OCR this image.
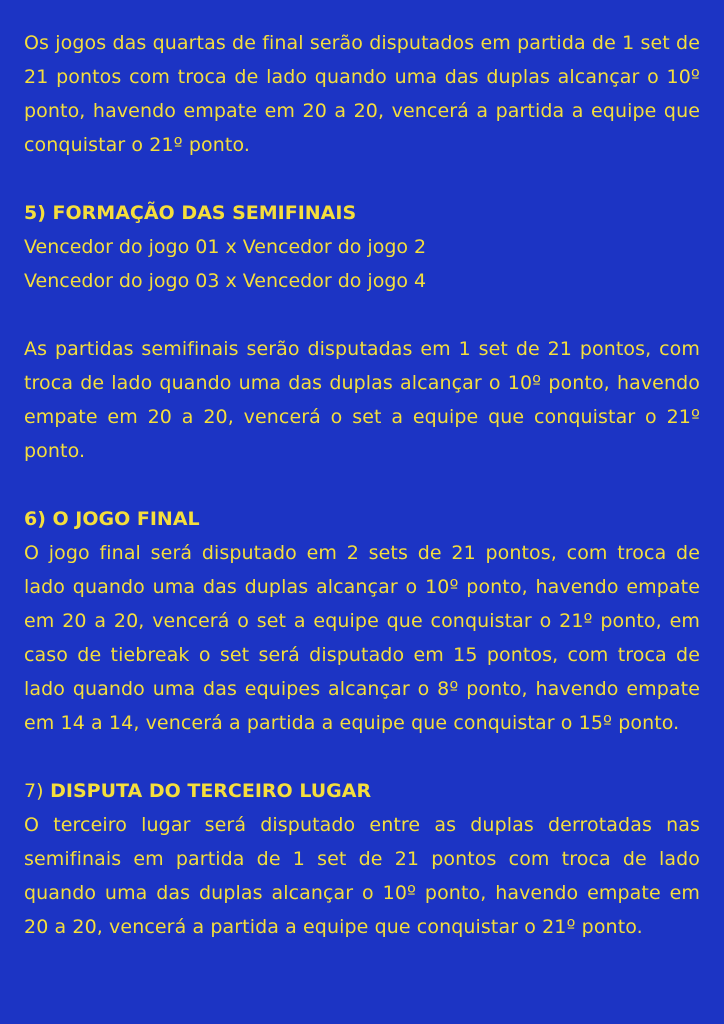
Os jogos das quartas de final serão disputados em partida de 1 set de 21 pontos com troca de lado quando uma das duplas alcançar o 10º ponto, havendo empate em 20 a 20, vencerá a partida a equipe que conquistar o 21º ponto.

5) FORMAÇÃO DAS SEMIFINAIS

Vencedor do jogo 01 x Vencedor do jogo 2

Vencedor do jogo 03 x Vencedor do jogo 4

As partidas semifinais serão disputadas em 1 set de 21 pontos, com troca de lado quando uma das duplas alcançar o 10º ponto, havendo empate em 20 a 20, vencerá o set a equipe que conquistar o 21º ponto.

6) O JOGO FINAL

O jogo final será disputado em 2 sets de 21 pontos, com troca de lado quando uma das duplas alcançar o 10º ponto, havendo empate em 20 a 20, vencerá o set a equipe que conquistar o 21º ponto, em caso de tiebreak o set será disputado em 15 pontos, com troca de lado quando uma das equipes alcançar o 8º ponto, havendo empate em 14 a 14, vencerá a partida a equipe que conquistar o 15º ponto.

7) DISPUTA DO TERCEIRO LUGAR

O terceiro lugar será disputado entre as duplas derrotadas nas semifinais em partida de 1 set de 21 pontos com troca de lado quando uma das duplas alcançar o 10º ponto, havendo empate em 20 a 20, vencerá a partida a equipe que conquistar o 21º ponto.
